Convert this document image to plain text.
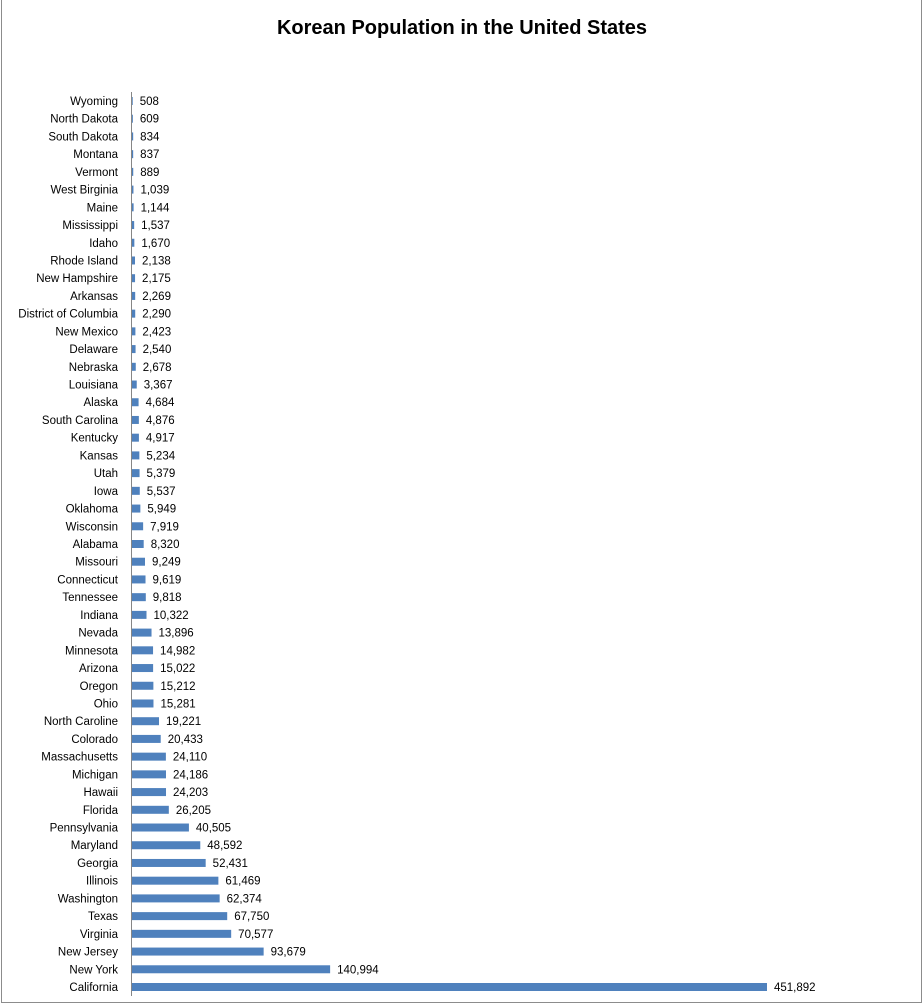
Korean Population in the United States
Wyoming 508
North Dakota 609
South Dakota 834
Montana 837
Vermont 889
West Birginia 1,039
Maine 1,144
Mississippi 1,537
Idaho 1,670
Rhode Island 2,138
New Hampshire 2,175
Arkansas 2,269
District of Columbia 2,290
New Mexico 2,423
Delaware 2,540
Nebraska 2,678
Louisiana 3,367
Alaska 4,684
South Carolina 4,876
Kentucky 4,917
Kansas 5,234
Utah 5,379
Iowa	5,537
Oklahoma	5,949
Wisconsin	7,919
Alabama	8,320
Missouri	9,249
Connecticut	9,619
Tennessee	9,818
Indiana	10,322
Nevada	13,896
Minnesota	14,982
Arizona	15,022
Oregon	15,212
Ohio	15,281
North Caroline	19,221
Colorado	20,433
Massachusetts	24,110
Michigan	24,186
Hawaii	24,203
Florida	26,205
Pennsylvania	40,505
Maryland	48,592
Georgia	52,431
Illinois	61,469
Washington	62,374
Texas	67,750
Virginia	70,577
New Jersey	93,679
New York	140,994
California	451,892
